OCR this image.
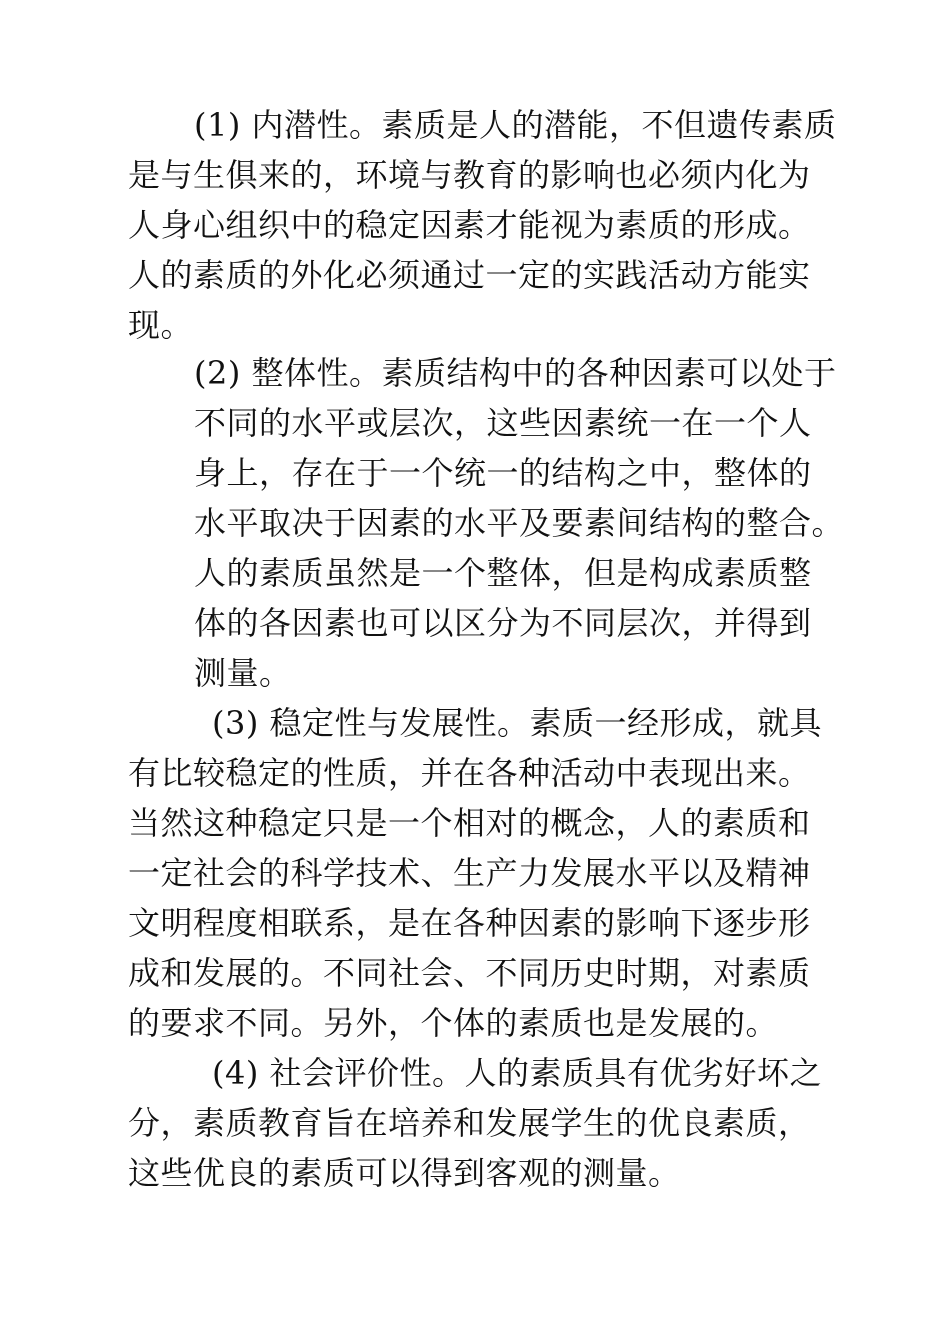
(1) 内潜性。素质是人的潜能，不但遗传素质
是与生俱来的，环境与教育的影响也必须内化为
人身心组织中的稳定因素才能视为素质的形成。
人的素质的外化必须通过一定的实践活动方能实
现。
(2) 整体性。素质结构中的各种因素可以处于
不同的水平或层次，这些因素统一在一个人
身上，存在于一个统一的结构之中，整体的
水平取决于因素的水平及要素间结构的整合。
人的素质虽然是一个整体，但是构成素质整
体的各因素也可以区分为不同层次，并得到
测量。
(3) 稳定性与发展性。素质一经形成，就具
有比较稳定的性质，并在各种活动中表现出来。
当然这种稳定只是一个相对的概念，人的素质和
一定社会的科学技术、生产力发展水平以及精神
文明程度相联系，是在各种因素的影响下逐步形
成和发展的。不同社会、不同历史时期，对素质
的要求不同。另外，个体的素质也是发展的。
(4) 社会评价性。人的素质具有优劣好坏之
分，素质教育旨在培养和发展学生的优良素质，
这些优良的素质可以得到客观的测量。
